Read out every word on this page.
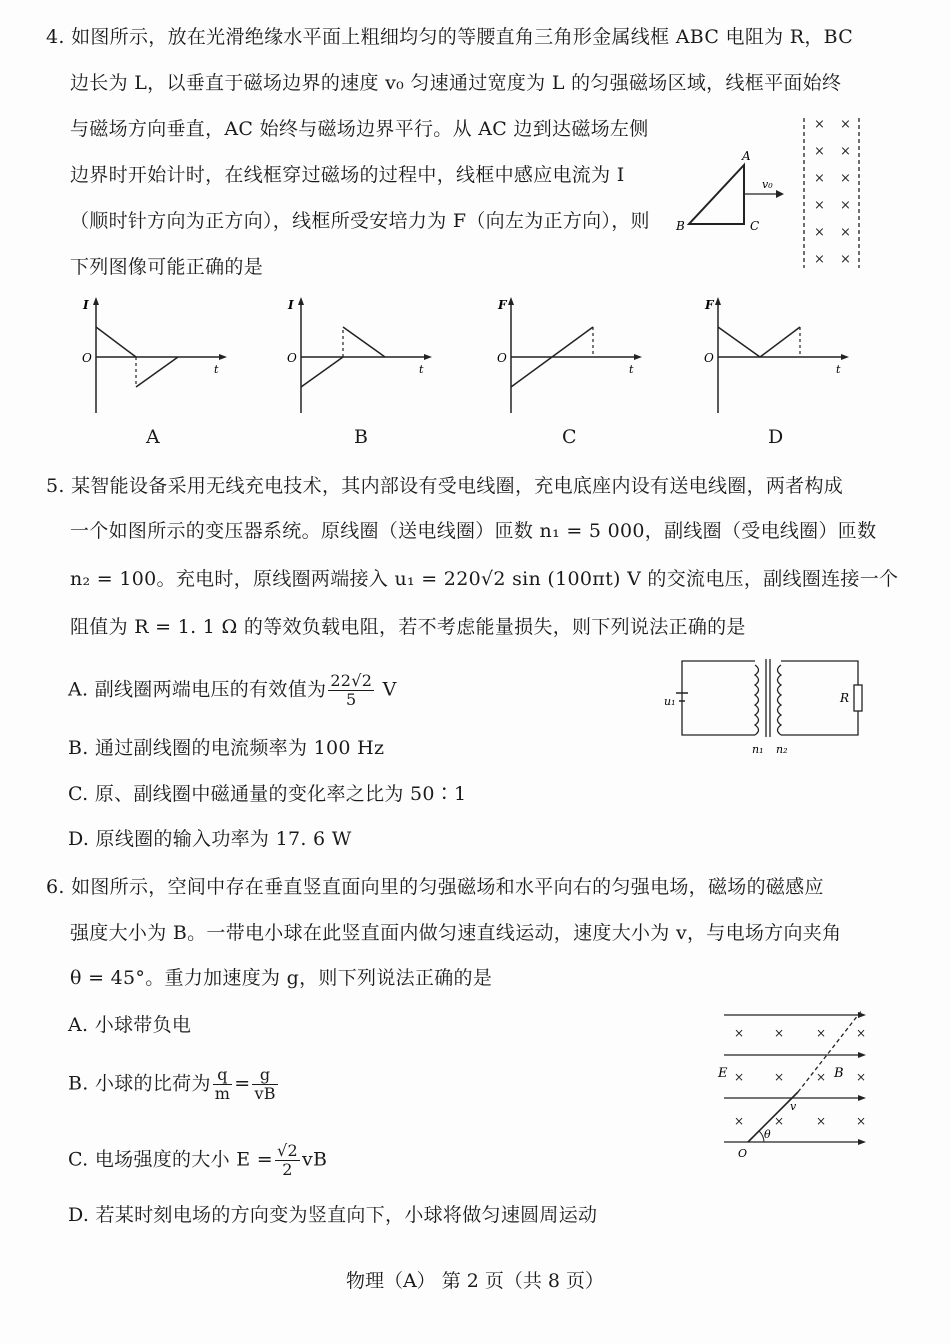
4. 如图所示，放在光滑绝缘水平面上粗细均匀的等腰直角三角形金属线框 ABC 电阻为 R，BC
边长为 L，以垂直于磁场边界的速度 v₀ 匀速通过宽度为 L 的匀强磁场区域，线框平面始终
与磁场方向垂直，AC 始终与磁场边界平行。从 AC 边到达磁场左侧
边界时开始计时，在线框穿过磁场的过程中，线框中感应电流为 I
（顺时针方向为正方向），线框所受安培力为 F（向左为正方向），则
下列图像可能正确的是
× ×
× ×
× ×
× ×
× ×
× ×
A
B	C
v₀
I
O
t
A
I
O
t
B
F
O
t
C
F
O
t
D
5. 某智能设备采用无线充电技术，其内部设有受电线圈，充电底座内设有送电线圈，两者构成
一个如图所示的变压器系统。原线圈（送电线圈）匝数 n₁ = 5 000，副线圈（受电线圈）匝数
n₂ = 100。充电时，原线圈两端接入 u₁ = 220√2 sin (100πt) V 的交流电压，副线圈连接一个
阻值为 R = 1. 1 Ω 的等效负载电阻，若不考虑能量损失，则下列说法正确的是
A. 副线圈两端电压的有效值为 $\frac{22√2}{5}$ V
B. 通过副线圈的电流频率为 100 Hz
C. 原、副线圈中磁通量的变化率之比为 50∶1
D. 原线圈的输入功率为 17. 6 W
u₁
n₁ n₂
R
6. 如图所示，空间中存在垂直竖直面向里的匀强磁场和水平向右的匀强电场，磁场的磁感应
强度大小为 B。一带电小球在此竖直面内做匀速直线运动，速度大小为 v，与电场方向夹角
θ = 45°。重力加速度为 g，则下列说法正确的是
A. 小球带负电
B. 小球的比荷为 $\frac{q}{m} = \frac{g}{vB}$
C. 电场强度的大小 $E = \frac{√2}{2}$ vB
D. 若某时刻电场的方向变为竖直向下，小球将做匀速圆周运动
× ×	× ×
× ×	× ×
× ×	× ×
E	B
v
θ
O
物理（A） 第 2 页（共 8 页）
